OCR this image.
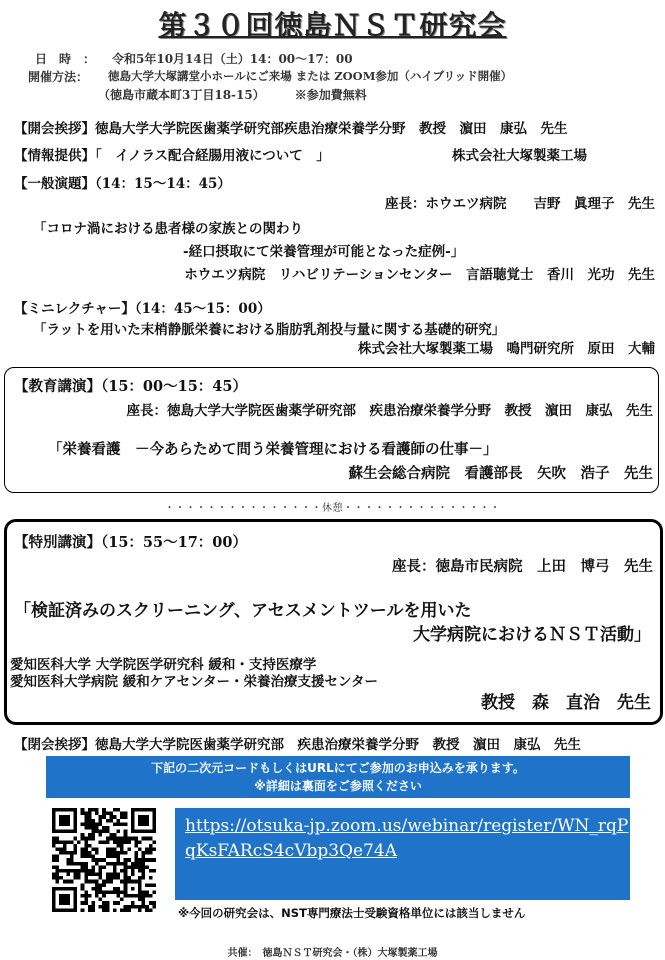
第３０回徳島ＮＳＴ研究会
日　時　： 令和5年10月14日（土）14：00～17：00
開催方法： 徳島大学大塚講堂小ホールにご来場 または ZOOM参加（ハイブリッド開催）
（徳島市蔵本町3丁目18-15）　　　※参加費無料
【開会挨拶】徳島大学大学院医歯薬学研究部疾患治療栄養学分野　教授　濵田　康弘　先生
【情報提供】「　イノラス配合経腸用液について　」	株式会社大塚製薬工場
【一般演題】（14：15～14：45）
座長：ホウエツ病院　　吉野　眞理子　先生
「コロナ渦における患者様の家族との関わり
-経口摂取にて栄養管理が可能となった症例-」
ホウエツ病院　リハビリテーションセンター　言語聴覚士　香川　光功　先生
【ミニレクチャー】（14：45～15：00）
「ラットを用いた末梢静脈栄養における脂肪乳剤投与量に関する基礎的研究」
株式会社大塚製薬工場　鳴門研究所　原田　大輔
【教育講演】（15：00～15：45）
座長：徳島大学大学院医歯薬学研究部　疾患治療栄養学分野　教授　濵田　康弘　先生
「栄養看護　－今あらためて問う栄養管理における看護師の仕事－」
蘇生会総合病院　看護部長　矢吹　浩子　先生
・・・・・・・・・・・・・・・休憩・・・・・・・・・・・・・・・
【特別講演】（15：55～17：00）
座長：徳島市民病院　上田　博弓　先生
「検証済みのスクリーニング、アセスメントツールを用いた
大学病院におけるＮＳＴ活動」
愛知医科大学 大学院医学研究科 緩和・支持医療学
愛知医科大学病院 緩和ケアセンター・栄養治療支援センター
教授　森　直治　先生
【閉会挨拶】徳島大学大学院医歯薬学研究部　疾患治療栄養学分野　教授　濵田　康弘　先生
下記の二次元コードもしくはURLにてご参加のお申込みを承ります。
※詳細は裏面をご参照ください
https://otsuka-jp.zoom.us/webinar/register/WN_rqPqKsFARcS4cVbp3Qe74A
※今回の研究会は、NST専門療法士受験資格単位には該当しません
共催：　徳島ＮＳＴ研究会・（株）大塚製薬工場
